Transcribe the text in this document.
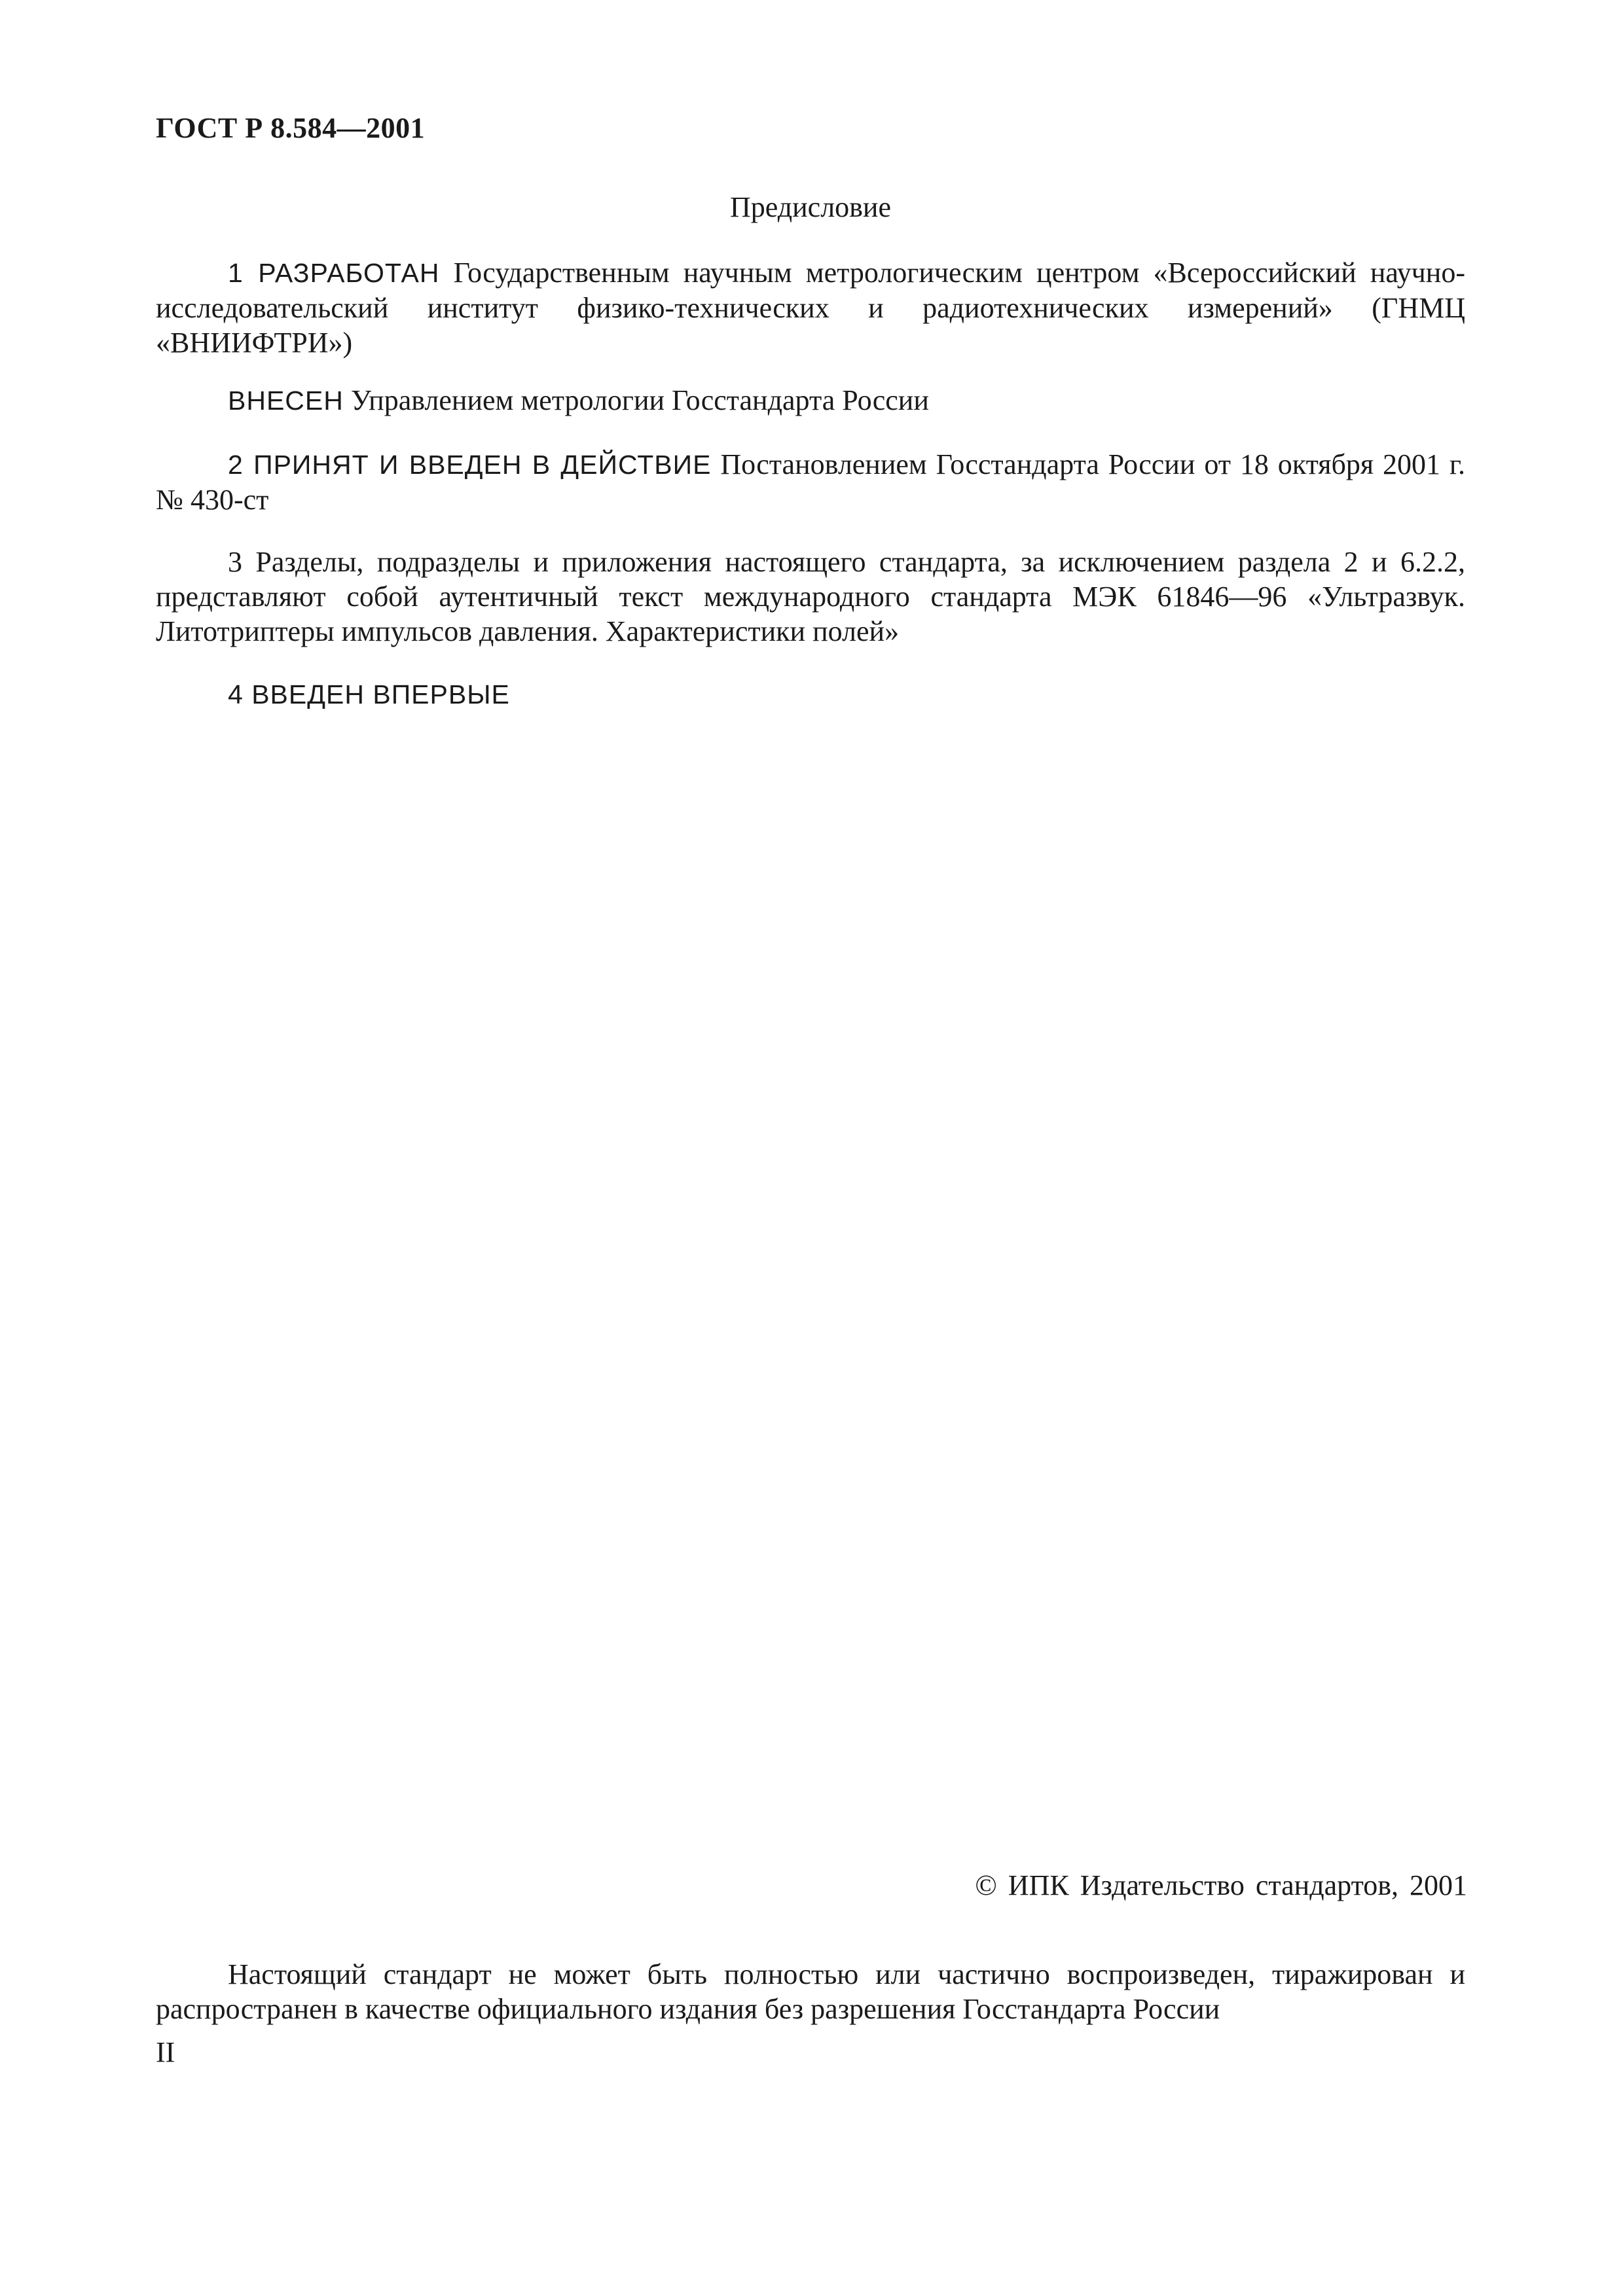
ГОСТ Р 8.584—2001
Предисловие
1 РАЗРАБОТАН Государственным научным метрологическим центром «Всероссийский научно-исследовательский институт физико-технических и радиотехнических измерений» (ГНМЦ «ВНИИФТРИ»)
ВНЕСЕН Управлением метрологии Госстандарта России
2 ПРИНЯТ И ВВЕДЕН В ДЕЙСТВИЕ Постановлением Госстандарта России от 18 октября 2001 г. № 430-ст
3 Разделы, подразделы и приложения настоящего стандарта, за исключением раздела 2 и 6.2.2, представляют собой аутентичный текст международного стандарта МЭК 61846—96 «Ультразвук. Литотриптеры импульсов давления. Характеристики полей»
4 ВВЕДЕН ВПЕРВЫЕ
© ИПК Издательство стандартов, 2001
Настоящий стандарт не может быть полностью или частично воспроизведен, тиражирован и распространен в качестве официального издания без разрешения Госстандарта России
II
